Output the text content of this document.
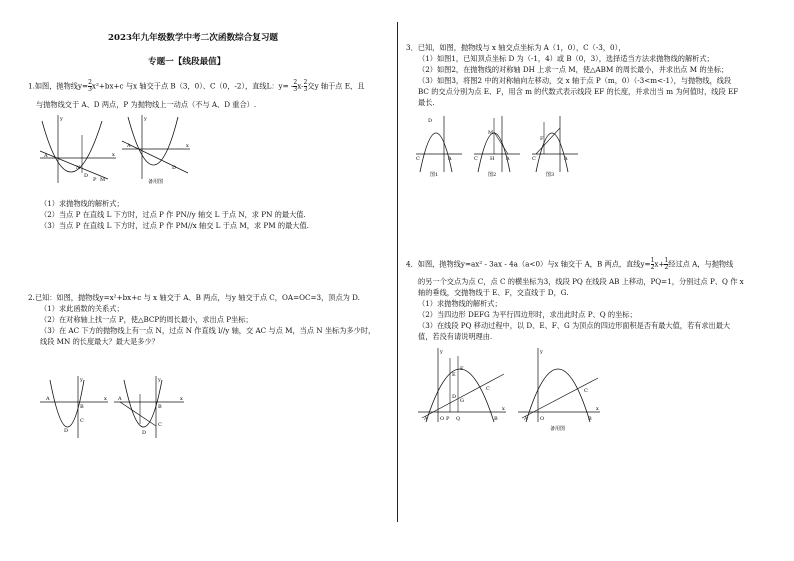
2023年九年级数学中考二次函数综合复习题
专题一【线段最值】
1.如图，抛物线$y= \frac{2}{3} x^2+bx+c$ 与x 轴交于点 B（3，0）、C（0，-2），直线L：$y= - \frac{2}{3} x- \frac{2}{3}$ 交y 轴于点 E，且
与抛物线交于 A、D 两点，P 为抛物线上一动点（不与 A、D 重合）.
x
y
A
D
P M
N
x
y
A
D
备用图
（1）求抛物线的解析式；
（2）当点 P 在直线 L 下方时，过点 P 作 PN//y 轴交 L 于点 N，求 PN 的最大值.
（3）当点 P 在直线 L 下方时，过点 P 作 PM//x 轴交 L 于点 M，求 PM 的最大值.
2.已知：如图，抛物线y=x²+bx+c 与 x 轴交于 A、B 两点，与y 轴交于点 C，OA=OC=3，顶点为 D.
（1）求此函数的关系式；
（2）在对称轴上找一点 P，使△BCP的周长最小，求出点 P坐标；
（3）在 AC 下方的抛物线上有一点 N，过点 N 作直线 l//y 轴，交 AC 与点 M，当点 N 坐标为多少时，
线段 MN 的长度最大？最大是多少？
x
y
A
B
C
D
x
y
A
B
C
D
3．已知，如图，抛物线与 x 轴交点坐标为 A（1，0），C（-3，0），
（1）如图1，已知顶点坐标 D 为（-1，4）或 B（0，3），选择适当方法求抛物线的解析式；
（2）如图2，在抛物线的对称轴 DH 上求一点 M，使△ABM 的周长最小，并求出点 M 的坐标；
（3）如图3，将图2 中的对称轴向左移动，交 x 轴于点 P（m，0）（-3<m<-1），与抛物线，线段
BC 的交点分别为点 E、F，用含 m 的代数式表示线段 EF 的长度，并求出当 m 为何值时，线段 EF
最长.
C	A
D
图1
C	A
M
H
图2
C	A
F
图3
4．如图，抛物线y=ax² - 3ax - 4a（a<0）与x 轴交于 A，B 两点，直线$y= \frac{1}{2} x+ \frac{1}{2}$ 经过点 A，与抛物线
的另一个交点为点 C，点 C 的横坐标为3，线段 PQ 在线段 AB 上移动，PQ=1，分别过点 P、Q 作 x
轴的垂线，交抛物线于 E、F，交直线于 D，G.
（1）求抛物线的解析式；
（2）当四边形 DEFG 为平行四边形时，求出此时点 P、Q 的坐标；
（3）在线段 PQ 移动过程中，以 D、E、F、G 为顶点的四边形面积是否有最大值，若有求出最大
值，若没有请说明理由.
x
y
A O P Q	B
D
E
F
G
C
x
y
A O	B
C
备用图
